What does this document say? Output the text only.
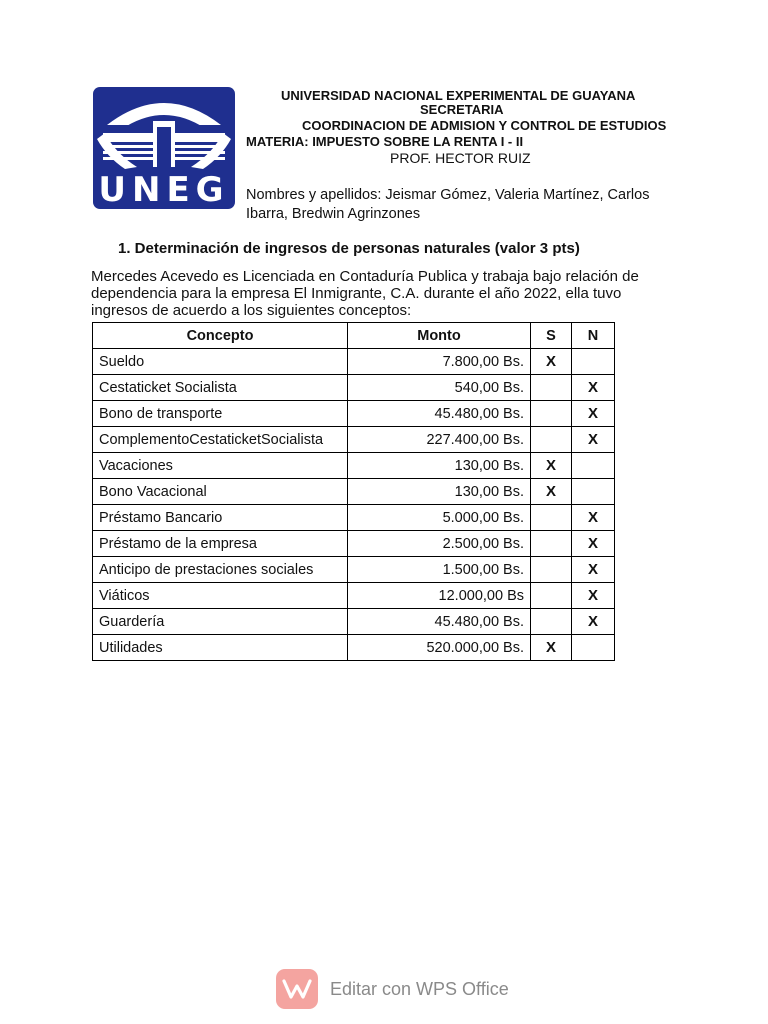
UNEG
UNIVERSIDAD NACIONAL EXPERIMENTAL DE GUAYANA
SECRETARIA
COORDINACION DE ADMISION Y CONTROL DE ESTUDIOS
MATERIA: IMPUESTO SOBRE LA RENTA I - II
PROF. HECTOR RUIZ
Nombres y apellidos: Jeismar Gómez, Valeria Martínez, Carlos Ibarra, Bredwin Agrinzones
1. Determinación de ingresos de personas naturales (valor 3 pts)
Mercedes Acevedo es Licenciada en Contaduría Publica y trabaja bajo relación de dependencia para la empresa El Inmigrante, C.A. durante el año 2022, ella tuvo ingresos de acuerdo a los siguientes conceptos:
Concepto	Monto	S	N
Sueldo	7.800,00 Bs.	X	
Cestaticket Socialista	540,00 Bs.		X
Bono de transporte	45.480,00 Bs.		X
ComplementoCestaticketSocialista	227.400,00 Bs.		X
Vacaciones	130,00 Bs.	X	
Bono Vacacional	130,00 Bs.	X	
Préstamo Bancario	5.000,00 Bs.		X
Préstamo de la empresa	2.500,00 Bs.		X
Anticipo de prestaciones sociales	1.500,00 Bs.		X
Viáticos	12.000,00 Bs		X
Guardería	45.480,00 Bs.		X
Utilidades	520.000,00 Bs.	X	
Editar con WPS Office
